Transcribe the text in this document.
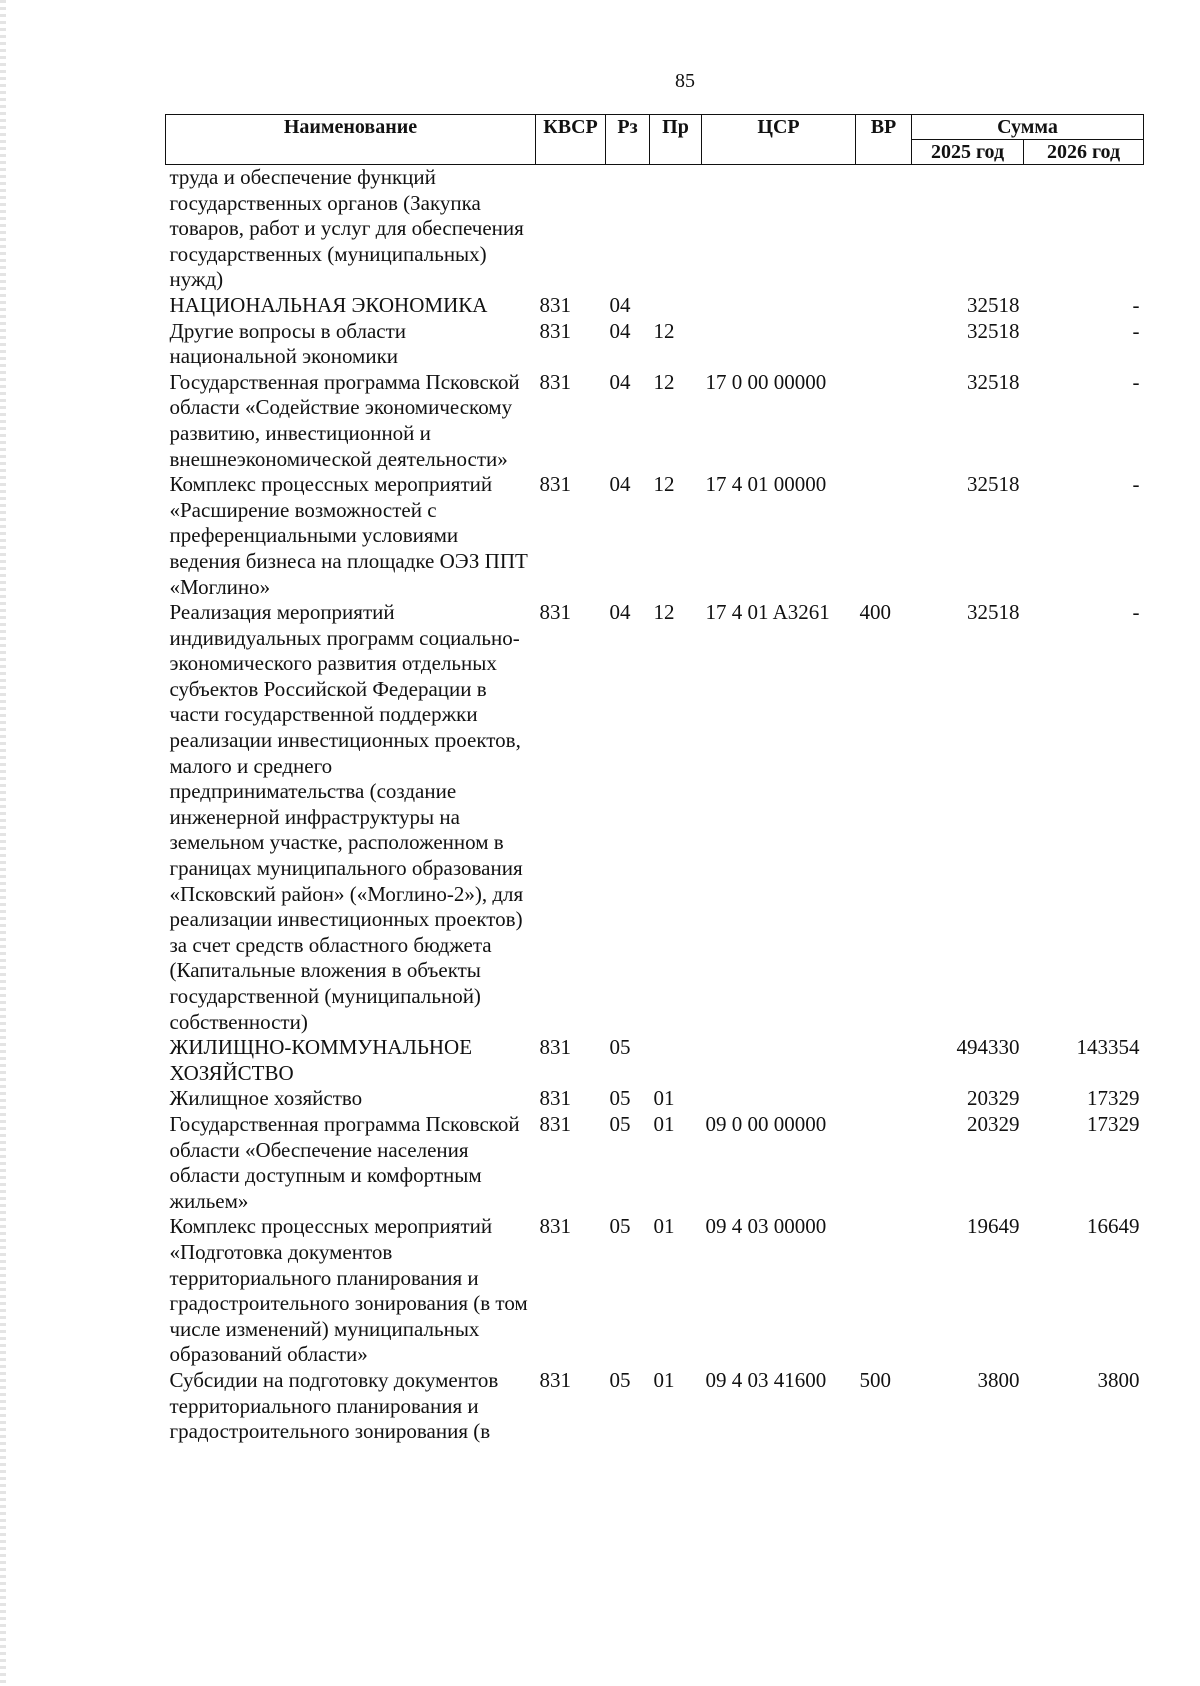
85
Наименование	КВСР	Рз	Пр	ЦСР	ВР	Сумма	
						2025 год	2026 год
труда и обеспечение функций государственных органов (Закупка товаров, работ и услуг для обеспечения государственных (муниципальных) нужд)							
НАЦИОНАЛЬНАЯ ЭКОНОМИКА	831	04				32518	-
Другие вопросы в области национальной экономики	831	04	12			32518	-
Государственная программа Псковской области «Содействие экономическому развитию, инвестиционной и внешнеэкономической деятельности»	831	04	12	17 0 00 00000		32518	-
Комплекс процессных мероприятий «Расширение возможностей с преференциальными условиями ведения бизнеса на площадке ОЭЗ ППТ «Моглино»	831	04	12	17 4 01 00000		32518	-
Реализация мероприятий индивидуальных программ социально-экономического развития отдельных субъектов Российской Федерации в части государственной поддержки реализации инвестиционных проектов, малого и среднего предпринимательства (создание инженерной инфраструктуры на земельном участке, расположенном в границах муниципального образования «Псковский район» («Моглино-2»), для реализации инвестиционных проектов) за счет средств областного бюджета (Капитальные вложения в объекты государственной (муниципальной) собственности)	831	04	12	17 4 01 A3261	400	32518	-
ЖИЛИЩНО-КОММУНАЛЬНОЕ ХОЗЯЙСТВО	831	05				494330	143354
Жилищное хозяйство	831	05	01			20329	17329
Государственная программа Псковской области «Обеспечение населения области доступным и комфортным жильем»	831	05	01	09 0 00 00000		20329	17329
Комплекс процессных мероприятий «Подготовка документов территориального планирования и градостроительного зонирования (в том числе изменений) муниципальных образований области»	831	05	01	09 4 03 00000		19649	16649
Субсидии на подготовку документов территориального планирования и градостроительного зонирования (в	831	05	01	09 4 03 41600	500	3800	3800
